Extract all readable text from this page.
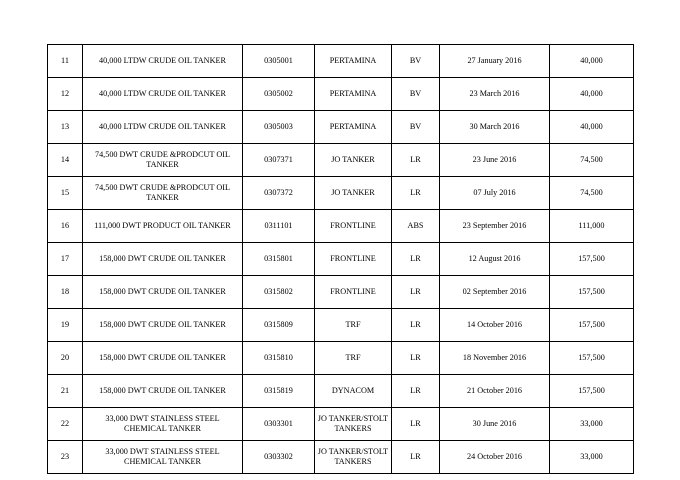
11	40,000 LTDW CRUDE OIL TANKER	0305001	PERTAMINA	BV	27 January 2016	40,000
12	40,000 LTDW CRUDE OIL TANKER	0305002	PERTAMINA	BV	23 March 2016	40,000
13	40,000 LTDW CRUDE OIL TANKER	0305003	PERTAMINA	BV	30 March 2016	40,000
14	74,500 DWT CRUDE &PRODCUT OIL TANKER	0307371	JO TANKER	LR	23 June 2016	74,500
15	74,500 DWT CRUDE &PRODCUT OIL TANKER	0307372	JO TANKER	LR	07 July 2016	74,500
16	111,000 DWT PRODUCT OIL TANKER	0311101	FRONTLINE	ABS	23 September 2016	111,000
17	158,000 DWT CRUDE OIL TANKER	0315801	FRONTLINE	LR	12 August 2016	157,500
18	158,000 DWT CRUDE OIL TANKER	0315802	FRONTLINE	LR	02 September 2016	157,500
19	158,000 DWT CRUDE OIL TANKER	0315809	TRF	LR	14 October 2016	157,500
20	158,000 DWT CRUDE OIL TANKER	0315810	TRF	LR	18 November 2016	157,500
21	158,000 DWT CRUDE OIL TANKER	0315819	DYNACOM	LR	21 October 2016	157,500
22	33,000 DWT STAINLESS STEEL CHEMICAL TANKER	0303301	JO TANKER/STOLT TANKERS	LR	30 June 2016	33,000
23	33,000 DWT STAINLESS STEEL CHEMICAL TANKER	0303302	JO TANKER/STOLT TANKERS	LR	24 October 2016	33,000
